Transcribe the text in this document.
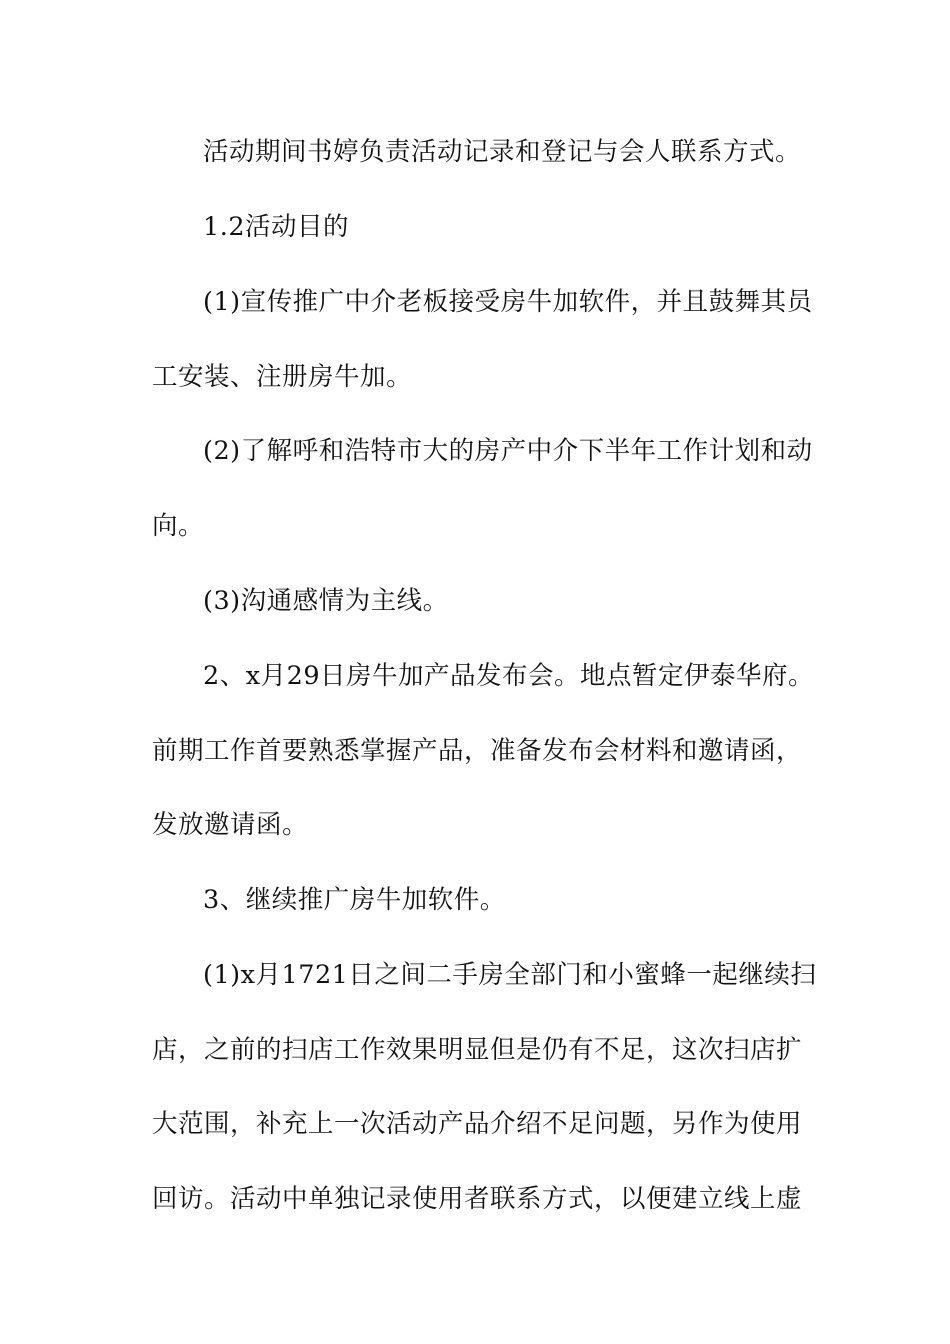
活动期间书婷负责活动记录和登记与会人联系方式。
1.2活动目的
(1)宣传推广中介老板接受房牛加软件，并且鼓舞其员
工安装、注册房牛加。
(2)了解呼和浩特市大的房产中介下半年工作计划和动
向。
(3)沟通感情为主线。
2、x月29日房牛加产品发布会。地点暂定伊泰华府。
前期工作首要熟悉掌握产品，准备发布会材料和邀请函，
发放邀请函。
3、继续推广房牛加软件。
(1)x月1721日之间二手房全部门和小蜜蜂一起继续扫
店，之前的扫店工作效果明显但是仍有不足，这次扫店扩
大范围，补充上一次活动产品介绍不足问题，另作为使用
回访。活动中单独记录使用者联系方式，以便建立线上虚
